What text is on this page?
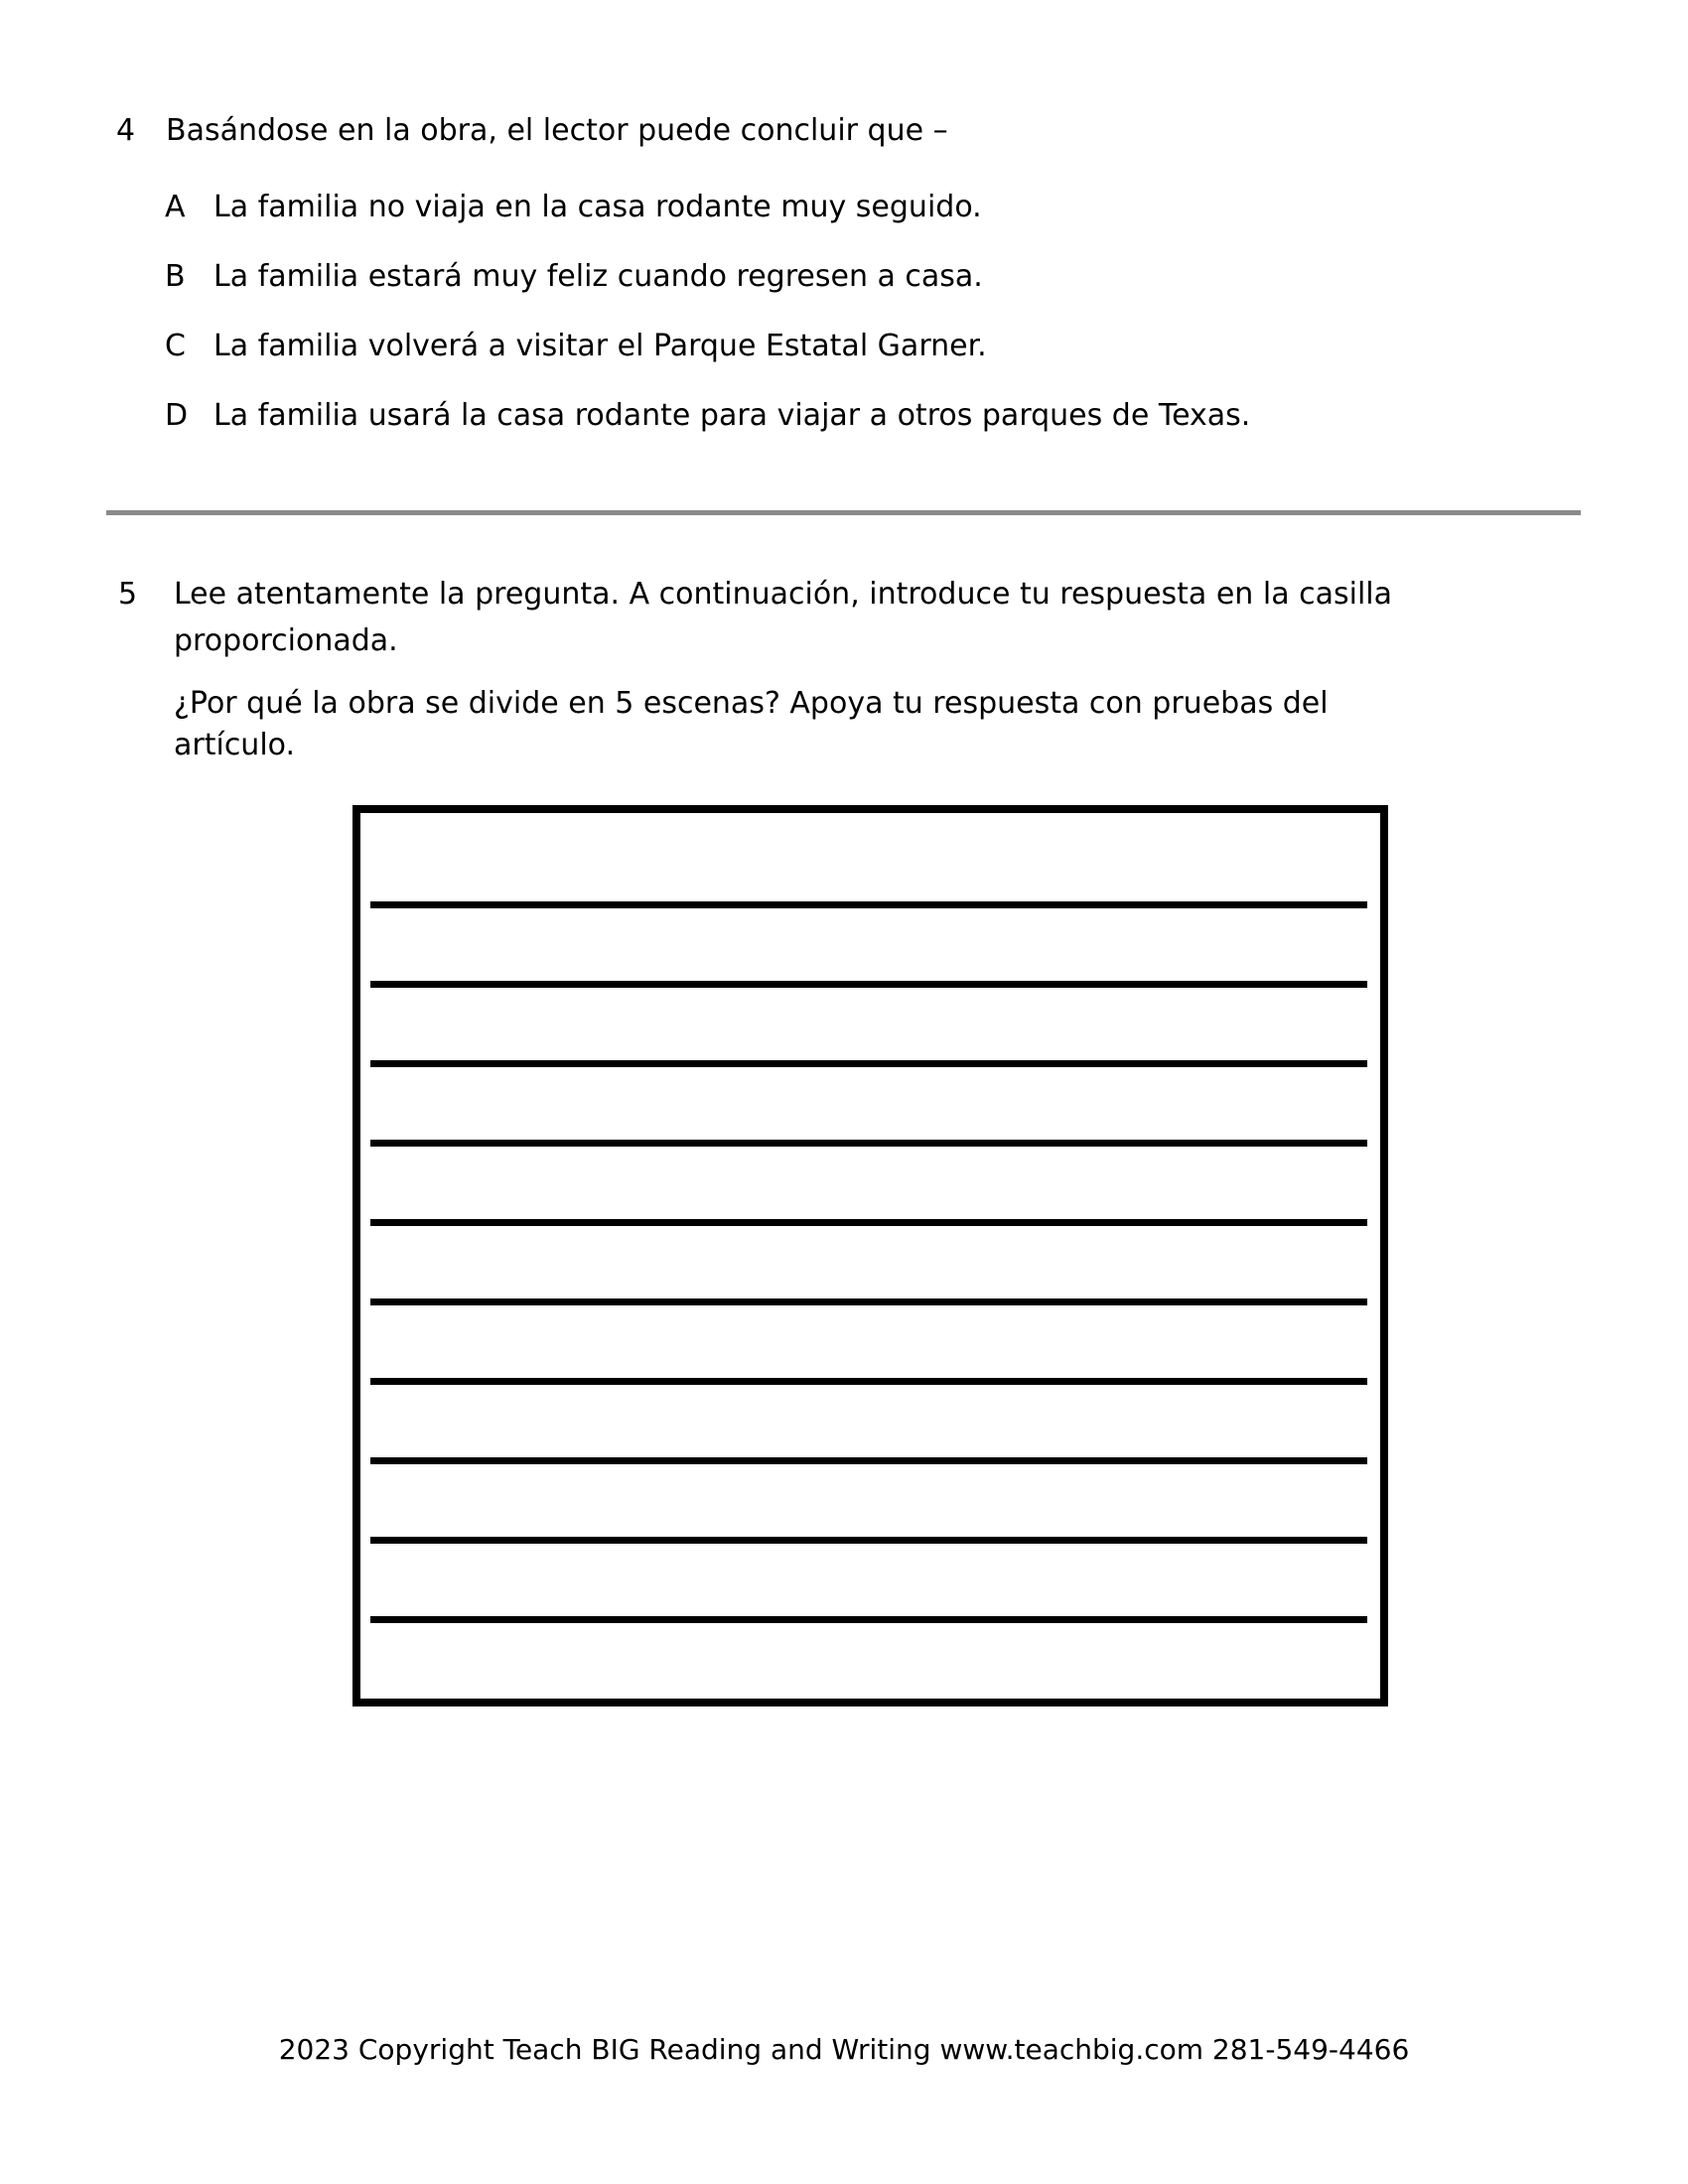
4 Basándose en la obra, el lector puede concluir que –
A La familia no viaja en la casa rodante muy seguido.
B La familia estará muy feliz cuando regresen a casa.
C La familia volverá a visitar el Parque Estatal Garner.
D La familia usará la casa rodante para viajar a otros parques de Texas.
5 Lee atentamente la pregunta. A continuación, introduce tu respuesta en la casilla
proporcionada.
¿Por qué la obra se divide en 5 escenas? Apoya tu respuesta con pruebas del
artículo.
2023 Copyright Teach BIG Reading and Writing www.teachbig.com 281-549-4466
